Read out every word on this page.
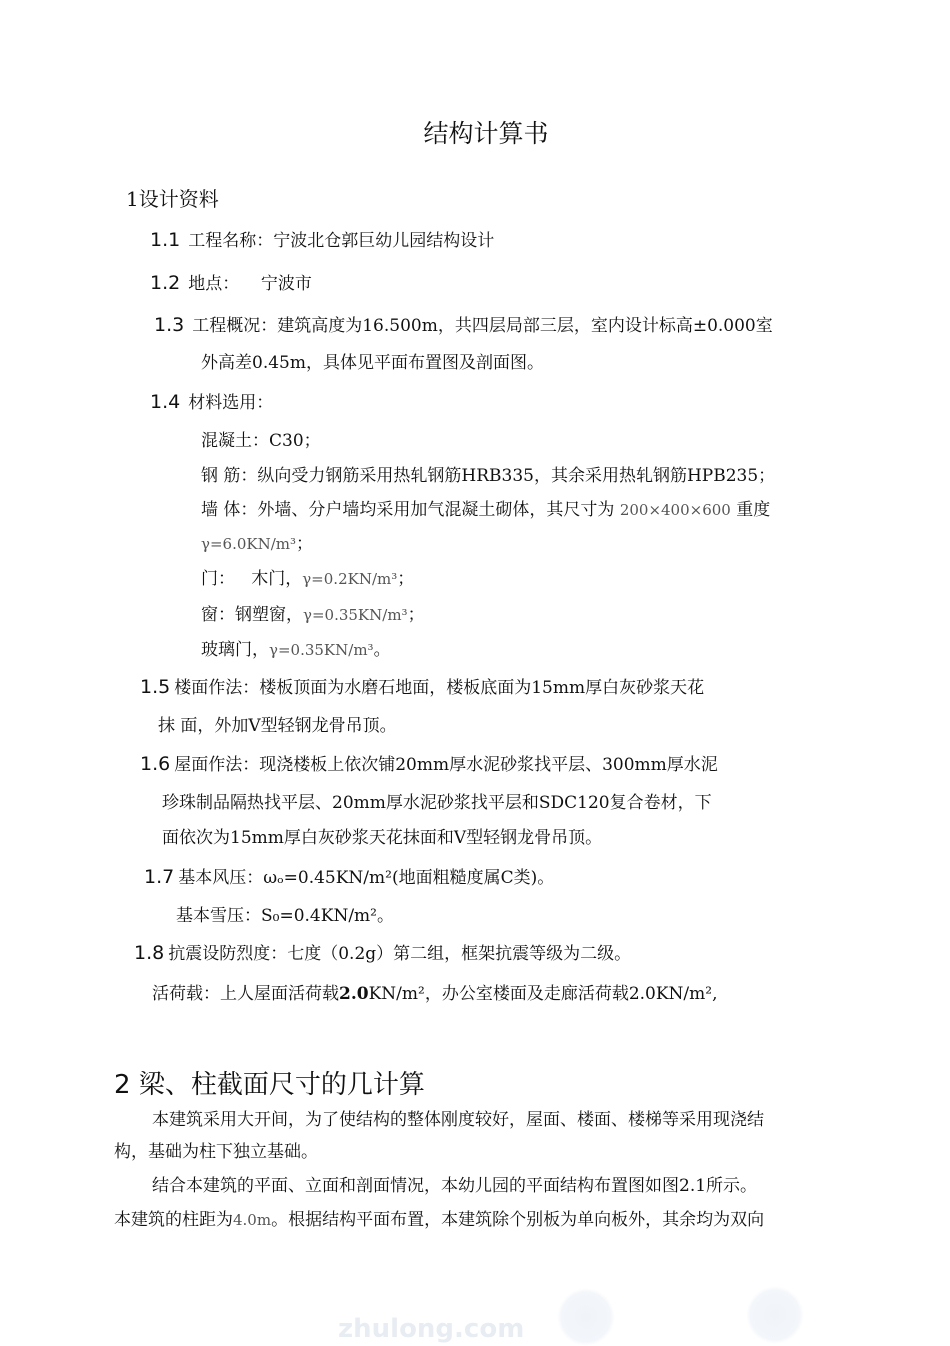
结构计算书
1设计资料
1.1 工程名称：宁波北仓郭巨幼儿园结构设计
1.2 地点：    宁波市
1.3 工程概况：建筑高度为16.500m，共四层局部三层，室内设计标高±0.000室
外高差0.45m，具体见平面布置图及剖面图。
1.4 材料选用：
混凝土：C30；
钢 筋：纵向受力钢筋采用热轧钢筋HRB335，其余采用热轧钢筋HPB235；
墙 体：外墙、分户墙均采用加气混凝土砌体，其尺寸为 200×400×600 重度
γ=6.0KN/m³；
门：   木门，γ=0.2KN/m³；
窗：钢塑窗，γ=0.35KN/m³；
玻璃门，γ=0.35KN/m³。
1.5 楼面作法：楼板顶面为水磨石地面，楼板底面为15mm厚白灰砂浆天花
抹 面，外加V型轻钢龙骨吊顶。
1.6 屋面作法：现浇楼板上依次铺20mm厚水泥砂浆找平层、300mm厚水泥
珍珠制品隔热找平层、20mm厚水泥砂浆找平层和SDC120复合卷材，下
面依次为15mm厚白灰砂浆天花抹面和V型轻钢龙骨吊顶。
1.7 基本风压：ωₒ=0.45KN/m²(地面粗糙度属C类)。
基本雪压：S₀=0.4KN/m²。
1.8 抗震设防烈度：七度（0.2g）第二组，框架抗震等级为二级。
活荷载：上人屋面活荷载2.0KN/m²，办公室楼面及走廊活荷载2.0KN/m²,
2 梁、柱截面尺寸的几计算
本建筑采用大开间，为了使结构的整体刚度较好，屋面、楼面、楼梯等采用现浇结
构，基础为柱下独立基础。
结合本建筑的平面、立面和剖面情况，本幼儿园的平面结构布置图如图2.1所示。
本建筑的柱距为4.0m。根据结构平面布置，本建筑除个别板为单向板外，其余均为双向
zhulong.com
